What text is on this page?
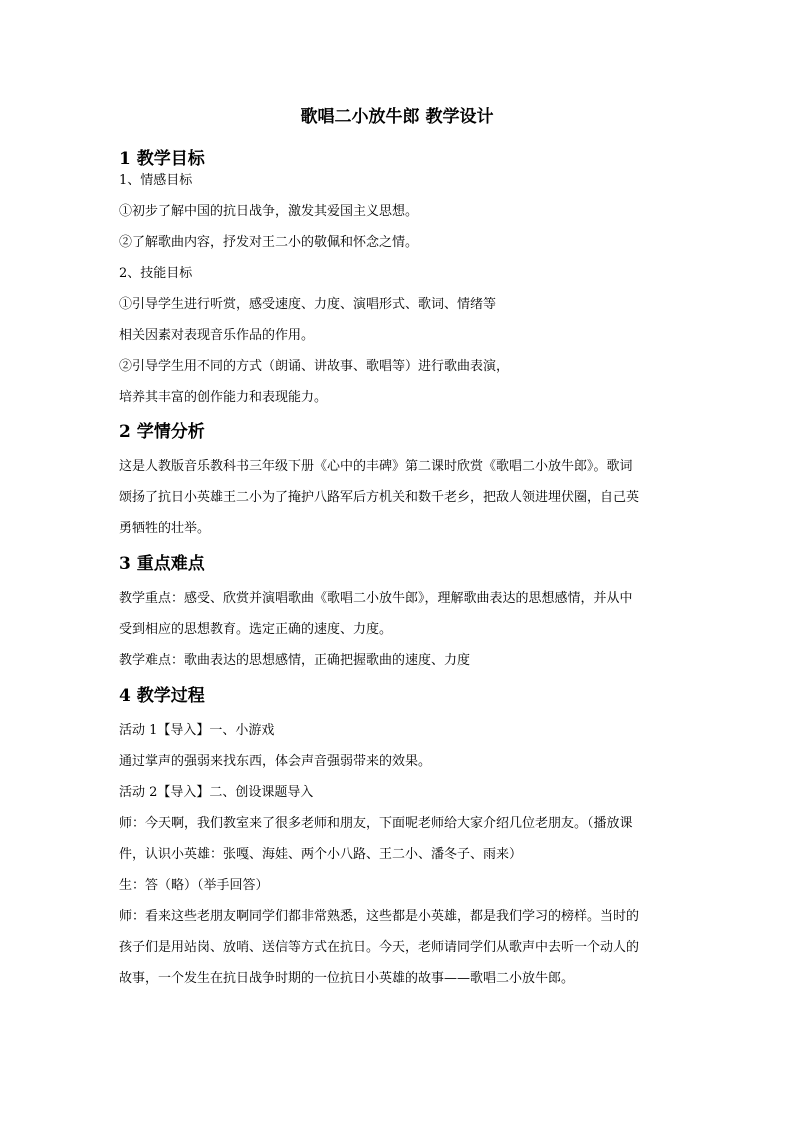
歌唱二小放牛郎 教学设计
1 教学目标

1、情感目标

①初步了解中国的抗日战争，激发其爱国主义思想。

②了解歌曲内容，抒发对王二小的敬佩和怀念之情。

2、技能目标

①引导学生进行听赏，感受速度、力度、演唱形式、歌词、情绪等

相关因素对表现音乐作品的作用。

②引导学生用不同的方式（朗诵、讲故事、歌唱等）进行歌曲表演，

培养其丰富的创作能力和表现能力。

2 学情分析

这是人教版音乐教科书三年级下册《心中的丰碑》第二课时欣赏《歌唱二小放牛郎》。歌词

颂扬了抗日小英雄王二小为了掩护八路军后方机关和数千老乡，把敌人领进埋伏圈，自己英

勇牺牲的壮举。

3 重点难点

教学重点：感受、欣赏并演唱歌曲《歌唱二小放牛郎》，理解歌曲表达的思想感情，并从中

受到相应的思想教育。选定正确的速度、力度。

教学难点：歌曲表达的思想感情，正确把握歌曲的速度、力度

4 教学过程

活动 1【导入】一、小游戏

通过掌声的强弱来找东西，体会声音强弱带来的效果。

活动 2【导入】二、创设课题导入

师：今天啊，我们教室来了很多老师和朋友，下面呢老师给大家介绍几位老朋友。（播放课

件，认识小英雄：张嘎、海娃、两个小八路、王二小、潘冬子、雨来）

生：答（略）（举手回答）

师：看来这些老朋友啊同学们都非常熟悉，这些都是小英雄，都是我们学习的榜样。当时的

孩子们是用站岗、放哨、送信等方式在抗日。今天，老师请同学们从歌声中去听一个动人的

故事，一个发生在抗日战争时期的一位抗日小英雄的故事——歌唱二小放牛郎。
